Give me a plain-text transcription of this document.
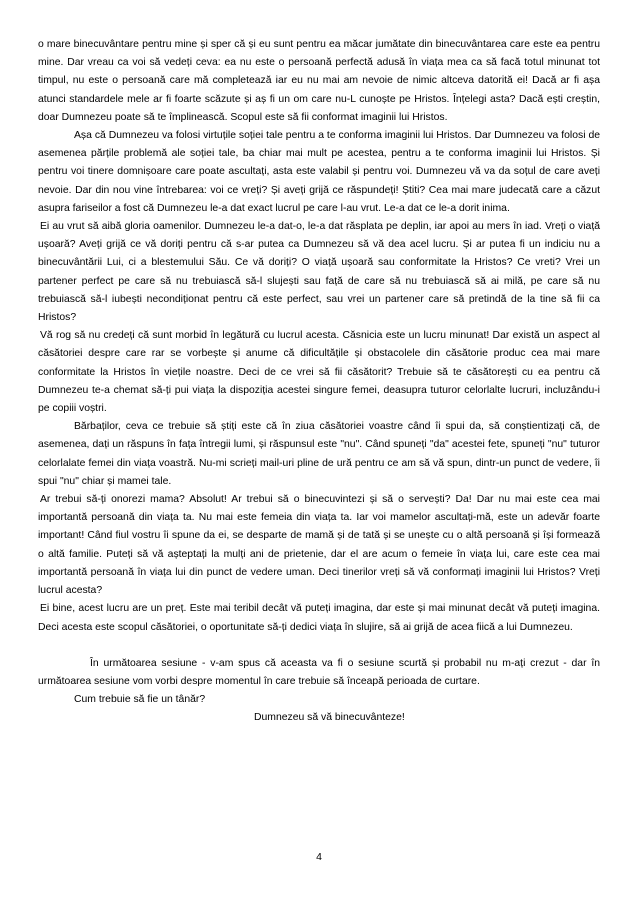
o mare binecuvântare pentru mine și sper că și eu sunt pentru ea măcar jumătate din binecuvântarea care este ea pentru mine. Dar vreau ca voi să vedeți ceva: ea nu este o persoană perfectă adusă în viața mea ca să facă totul minunat tot timpul, nu este o persoană care mă completează iar eu nu mai am nevoie de nimic altceva datorită ei! Dacă ar fi așa atunci standardele mele ar fi foarte scăzute și aș fi un om care nu-L cunoște pe Hristos. Înțelegi asta? Dacă ești creștin, doar Dumnezeu poate să te împlinească. Scopul este să fii conformat imaginii lui Hristos.

Așa că Dumnezeu va folosi virtuțile soției tale pentru a te conforma imaginii lui Hristos. Dar Dumnezeu va folosi de asemenea părțile problemă ale soției tale, ba chiar mai mult pe acestea, pentru a te conforma imaginii lui Hristos. Și pentru voi tinere domnișoare care poate ascultați, asta este valabil și pentru voi. Dumnezeu vă va da soțul de care aveți nevoie. Dar din nou vine întrebarea: voi ce vreți? Și aveți grijă ce răspundeți! Știti? Cea mai mare judecată care a căzut asupra fariseilor a fost că Dumnezeu le-a dat exact lucrul pe care l-au vrut. Le-a dat ce le-a dorit inima.

Ei au vrut să aibă gloria oamenilor. Dumnezeu le-a dat-o, le-a dat răsplata pe deplin, iar apoi au mers în iad. Vreți o viață ușoară? Aveți grijă ce vă doriți pentru că s-ar putea ca Dumnezeu să vă dea acel lucru. Și ar putea fi un indiciu nu a binecuvântării Lui, ci a blestemului Său. Ce vă doriți? O viață ușoară sau conformitate la Hristos? Ce vreti? Vrei un partener perfect pe care să nu trebuiască să-l slujești sau față de care să nu trebuiască să ai milă, pe care să nu trebuiască să-l iubești necondiționat pentru că este perfect, sau vrei un partener care să pretindă de la tine să fii ca Hristos?

Vă rog să nu credeți că sunt morbid în legătură cu lucrul acesta. Căsnicia este un lucru minunat! Dar există un aspect al căsătoriei despre care rar se vorbește și anume că dificultățile și obstacolele din căsătorie produc cea mai mare conformitate la Hristos în viețile noastre. Deci de ce vrei să fii căsătorit? Trebuie să te căsătorești cu ea pentru că Dumnezeu te-a chemat să-ți pui viața la dispoziția acestei singure femei, deasupra tuturor celorlalte lucruri, incluzându-i pe copiii voștri.

Bărbaților, ceva ce trebuie să știți este că în ziua căsătoriei voastre când îi spui da, să conștientizați că, de asemenea, dați un răspuns în fața întregii lumi, și răspunsul este "nu". Când spuneți "da" acestei fete, spuneți "nu" tuturor celorlalate femei din viața voastră. Nu-mi scrieți mail-uri pline de ură pentru ce am să vă spun, dintr-un punct de vedere, îi spui "nu" chiar și mamei tale.

Ar trebui să-ți onorezi mama? Absolut! Ar trebui să o binecuvintezi și să o servești? Da! Dar nu mai este cea mai importantă persoană din viața ta. Nu mai este femeia din viața ta. Iar voi mamelor ascultați-mă, este un adevăr foarte important! Când fiul vostru îi spune da ei, se desparte de mamă și de tată și se unește cu o altă persoană și își formează o altă familie. Puteți să vă așteptați la mulți ani de prietenie, dar el are acum o femeie în viața lui, care este cea mai importantă persoană în viața lui din punct de vedere uman. Deci tinerilor vreți să vă conformați imaginii lui Hristos? Vreți lucrul acesta?

Ei bine, acest lucru are un preț. Este mai teribil decât vă puteți imagina, dar este și mai minunat decât vă puteți imagina. Deci acesta este scopul căsătoriei, o oportunitate să-ți dedici viața în slujire, să ai grijă de acea fiică a lui Dumnezeu.

În următoarea sesiune - v-am spus că aceasta va fi o sesiune scurtă și probabil nu m-ați crezut - dar în următoarea sesiune vom vorbi despre momentul în care trebuie să înceapă perioada de curtare.

Cum trebuie să fie un tânăr?

Dumnezeu să vă binecuvânteze!

4
